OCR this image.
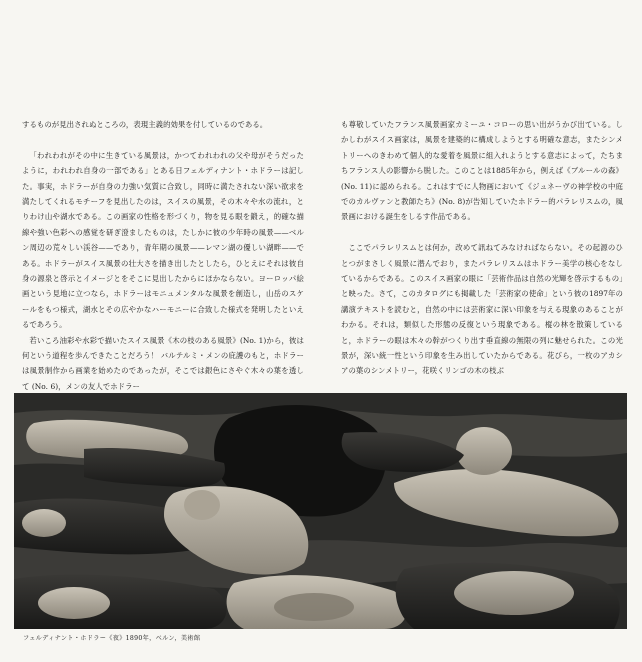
するものが見出されぬところの，表現主義的効果を付しているのである。

「われわれがその中に生きている風景は，かつてわれわれの父や母がそうだったように，われわれ自身の一部である」とある日フェルディナント・ホドラーは記した。事実，ホドラーが自身の力強い気質に合致し，同時に満たされない深い欲求を満たしてくれるモチーフを見出したのは，スイスの風景，その木々や水の流れ，とりわけ山や湖水である。この画家の性格を形づくり，物を見る眼を鍛え，的確な描線や強い色彩への感覚を研ぎ澄ましたものは，たしかに彼の少年時の風景——ベルン周辺の荒々しい渓谷——であり，青年期の風景——レマン湖の優しい湖畔——である。ホドラーがスイス風景の壮大さを描き出したとしたら，ひとえにそれは彼自身の源泉と啓示とイメージとをそこに見出したからにほかならない。ヨーロッパ絵画という見地に立つなら，ホドラーはモニュメンタルな風景を創造し，山岳のスケールをもつ様式，湖水とその広やかなハーモニーに合致した様式を発明したといえるであろう。

若いころ油彩や水彩で描いたスイス風景《木の枝のある風景》(No. 1)から，彼は何という道程を歩んできたことだろう！ バルテルミ・メンの庇護のもと，ホドラーは風景制作から画業を始めたのであったが，そこでは銀色にさやぐ木々の葉を透して (No. 6)，メンの友人でホドラー

も尊敬していたフランス風景画家カミーユ・コローの思い出がうかび出ている。しかしわがスイス画家は，風景を建築的に構成しようとする明確な意志，またシンメトリーへのきわめて個人的な愛着を風景に組入れようとする意志によって，たちまちフランス人の影響から脱した。このことは1885年から，例えば《ブルールの森》(No. 11)に認められる。これはすでに人物画において《ジュネーヴの神学校の中庭でのカルヴァンと教師たち》(No. 8)が告知していたホドラー的パラレリスムの，風景画における誕生をしるす作品である。

ここでパラレリスムとは何か，改めて訊ねてみなければならない。その起源のひとつがまさしく風景に潜んでおり，またパラレリスムはホドラー美学の核心をなしているからである。このスイス画家の眼に「芸術作品は自然の光輝を啓示するもの」と映った。さて，このカタログにも掲載した「芸術家の使命」という彼の1897年の講演テキストを読むと，自然の中には芸術家に深い印象を与える現象のあることがわかる。それは，類似した形態の反復という現象である。樅の林を散策していると，ホドラーの眼は木々の幹がつくり出す垂直線の無限の列に魅せられた。この光景が，深い統一性という印象を生み出していたからである。花びら，一枚のアカシアの葉のシンメトリー，花咲くリンゴの木の枝ぶ

フェルディナント・ホドラー《夜》1890年，ベルン，美術館
